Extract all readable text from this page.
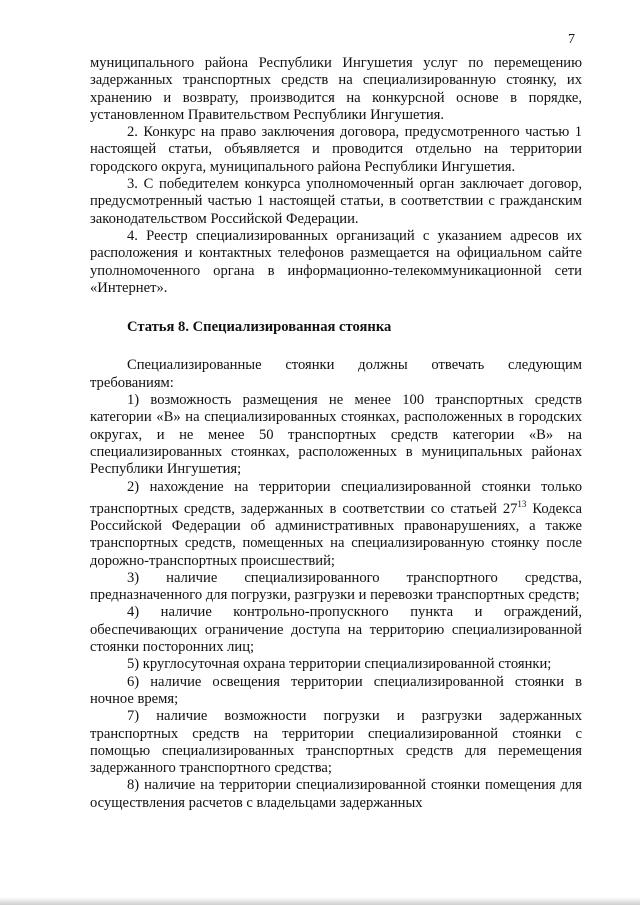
7

муниципального района Республики Ингушетия услуг по перемещению задержанных транспортных средств на специализированную стоянку, их хранению и возврату, производится на конкурсной основе в порядке, установленном Правительством Республики Ингушетия.

2. Конкурс на право заключения договора, предусмотренного частью 1 настоящей статьи, объявляется и проводится отдельно на территории городского округа, муниципального района Республики Ингушетия.

3. С победителем конкурса уполномоченный орган заключает договор, предусмотренный частью 1 настоящей статьи, в соответствии с гражданским законодательством Российской Федерации.

4. Реестр специализированных организаций с указанием адресов их расположения и контактных телефонов размещается на официальном сайте уполномоченного органа в информационно-телекоммуникационной сети «Интернет».

Статья 8. Специализированная стоянка

Специализированные стоянки должны отвечать следующим требованиям:

1) возможность размещения не менее 100 транспортных средств категории «В» на специализированных стоянках, расположенных в городских округах, и не менее 50 транспортных средств категории «В» на специализированных стоянках, расположенных в муниципальных районах Республики Ингушетия;

2) нахождение на территории специализированной стоянки только транспортных средств, задержанных в соответствии со статьей $27^{13}$ Кодекса Российской Федерации об административных правонарушениях, а также транспортных средств, помещенных на специализированную стоянку после дорожно-транспортных происшествий;

3) наличие специализированного транспортного средства, предназначенного для погрузки, разгрузки и перевозки транспортных средств;

4) наличие контрольно-пропускного пункта и ограждений, обеспечивающих ограничение доступа на территорию специализированной стоянки посторонних лиц;

5) круглосуточная охрана территории специализированной стоянки;

6) наличие освещения территории специализированной стоянки в ночное время;

7) наличие возможности погрузки и разгрузки задержанных транспортных средств на территории специализированной стоянки с помощью специализированных транспортных средств для перемещения задержанного транспортного средства;

8) наличие на территории специализированной стоянки помещения для осуществления расчетов с владельцами задержанных
